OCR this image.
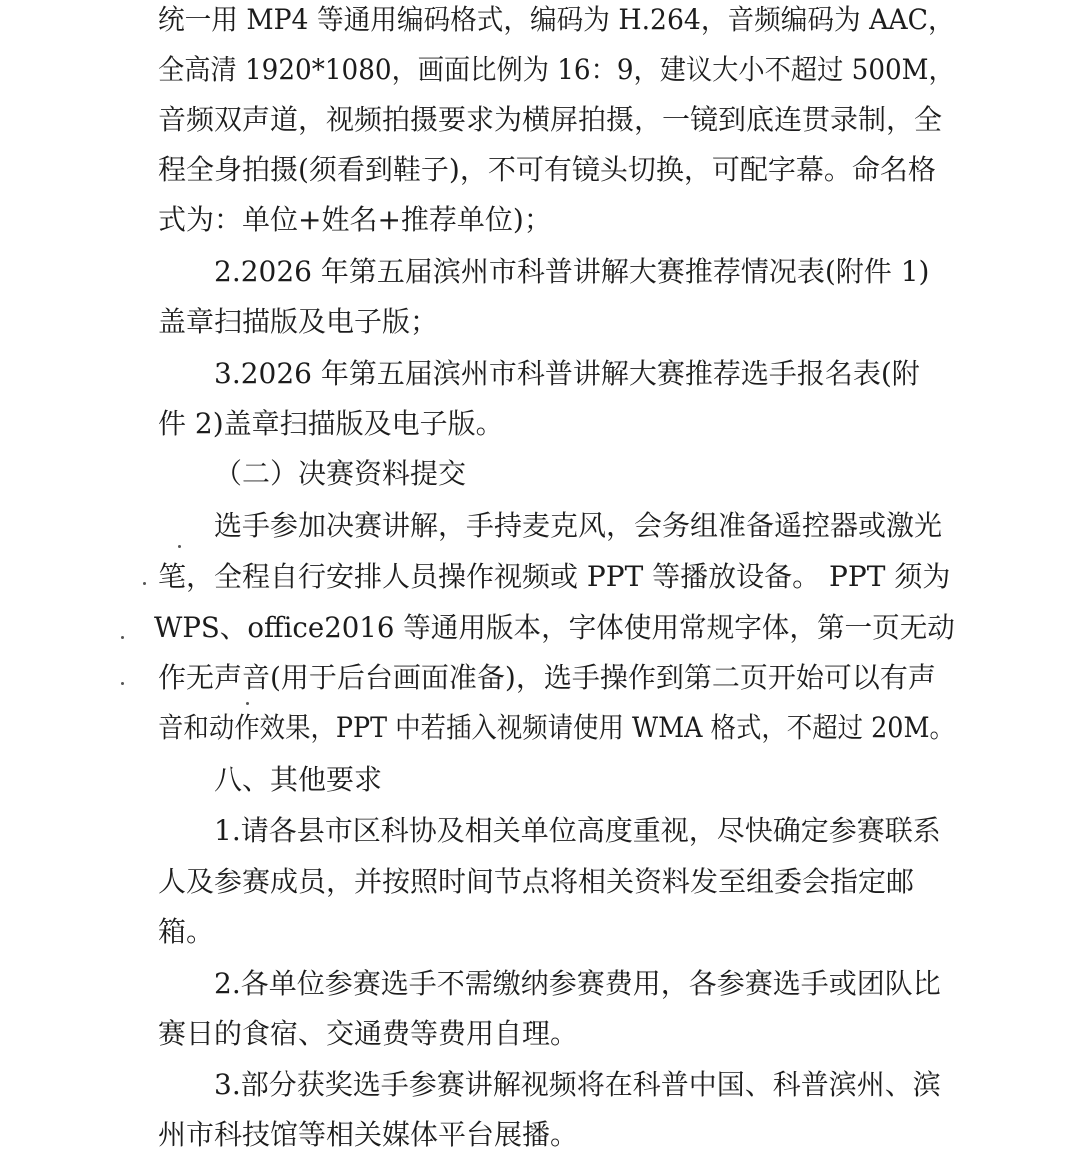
统一用 MP4 等通用编码格式，编码为 H.264，音频编码为 AAC，
全高清 1920*1080，画面比例为 16：9，建议大小不超过 500M，
音频双声道，视频拍摄要求为横屏拍摄，一镜到底连贯录制，全
程全身拍摄(须看到鞋子)，不可有镜头切换，可配字幕。命名格
式为：单位+姓名+推荐单位)；
2.2026 年第五届滨州市科普讲解大赛推荐情况表(附件 1)
盖章扫描版及电子版；
3.2026 年第五届滨州市科普讲解大赛推荐选手报名表(附
件 2)盖章扫描版及电子版。
（二）决赛资料提交
选手参加决赛讲解，手持麦克风，会务组准备遥控器或激光
笔，全程自行安排人员操作视频或 PPT 等播放设备。 PPT 须为
WPS、office2016 等通用版本，字体使用常规字体，第一页无动
作无声音(用于后台画面准备)，选手操作到第二页开始可以有声
音和动作效果，PPT 中若插入视频请使用 WMA 格式，不超过 20M。
八、其他要求
1.请各县市区科协及相关单位高度重视，尽快确定参赛联系
人及参赛成员，并按照时间节点将相关资料发至组委会指定邮
箱。
2.各单位参赛选手不需缴纳参赛费用，各参赛选手或团队比
赛日的食宿、交通费等费用自理。
3.部分获奖选手参赛讲解视频将在科普中国、科普滨州、滨
州市科技馆等相关媒体平台展播。
